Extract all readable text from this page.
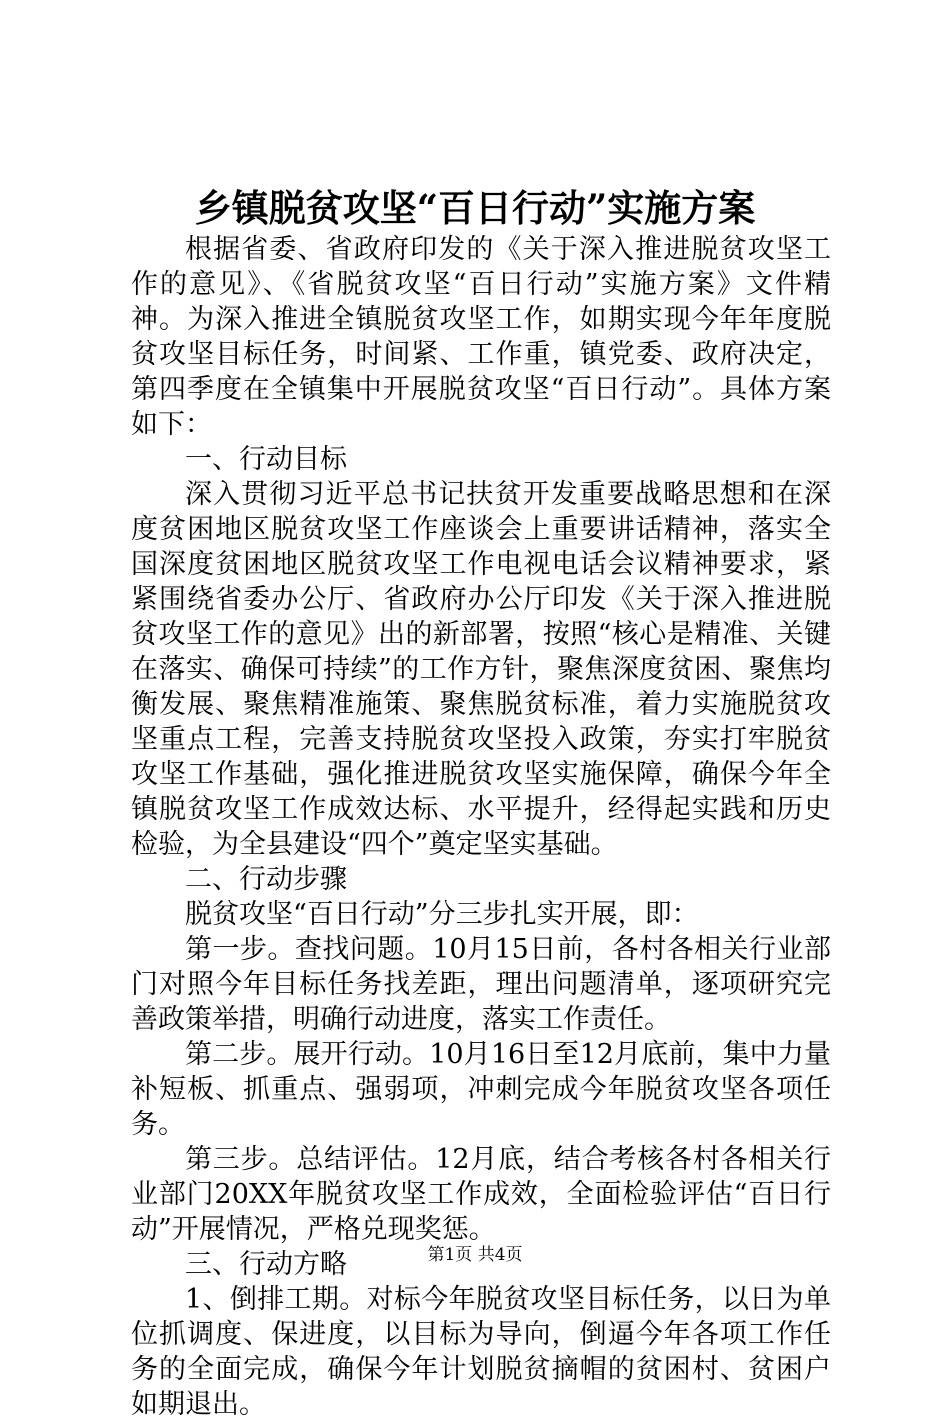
乡镇脱贫攻坚“百日行动”实施方案

根据省委、省政府印发的《关于深入推进脱贫攻坚工作的意见》、《省脱贫攻坚“百日行动”实施方案》文件精神。为深入推进全镇脱贫攻坚工作，如期实现今年年度脱贫攻坚目标任务，时间紧、工作重，镇党委、政府决定，第四季度在全镇集中开展脱贫攻坚“百日行动”。具体方案如下：

一、行动目标

深入贯彻习近平总书记扶贫开发重要战略思想和在深度贫困地区脱贫攻坚工作座谈会上重要讲话精神，落实全国深度贫困地区脱贫攻坚工作电视电话会议精神要求，紧紧围绕省委办公厅、省政府办公厅印发《关于深入推进脱贫攻坚工作的意见》出的新部署，按照“核心是精准、关键在落实、确保可持续”的工作方针，聚焦深度贫困、聚焦均衡发展、聚焦精准施策、聚焦脱贫标准，着力实施脱贫攻坚重点工程，完善支持脱贫攻坚投入政策，夯实打牢脱贫攻坚工作基础，强化推进脱贫攻坚实施保障，确保今年全镇脱贫攻坚工作成效达标、水平提升，经得起实践和历史检验，为全县建设“四个”奠定坚实基础。

二、行动步骤

脱贫攻坚“百日行动”分三步扎实开展，即：

第一步。查找问题。10月15日前，各村各相关行业部门对照今年目标任务找差距，理出问题清单，逐项研究完善政策举措，明确行动进度，落实工作责任。

第二步。展开行动。10月16日至12月底前，集中力量补短板、抓重点、强弱项，冲刺完成今年脱贫攻坚各项任务。

第三步。总结评估。12月底，结合考核各村各相关行业部门20XX年脱贫攻坚工作成效，全面检验评估“百日行动”开展情况，严格兑现奖惩。

三、行动方略

1、倒排工期。对标今年脱贫攻坚目标任务，以日为单位抓调度、保进度，以目标为导向，倒逼今年各项工作任务的全面完成，确保今年计划脱贫摘帽的贫困村、贫困户如期退出。

第1页 共4页
